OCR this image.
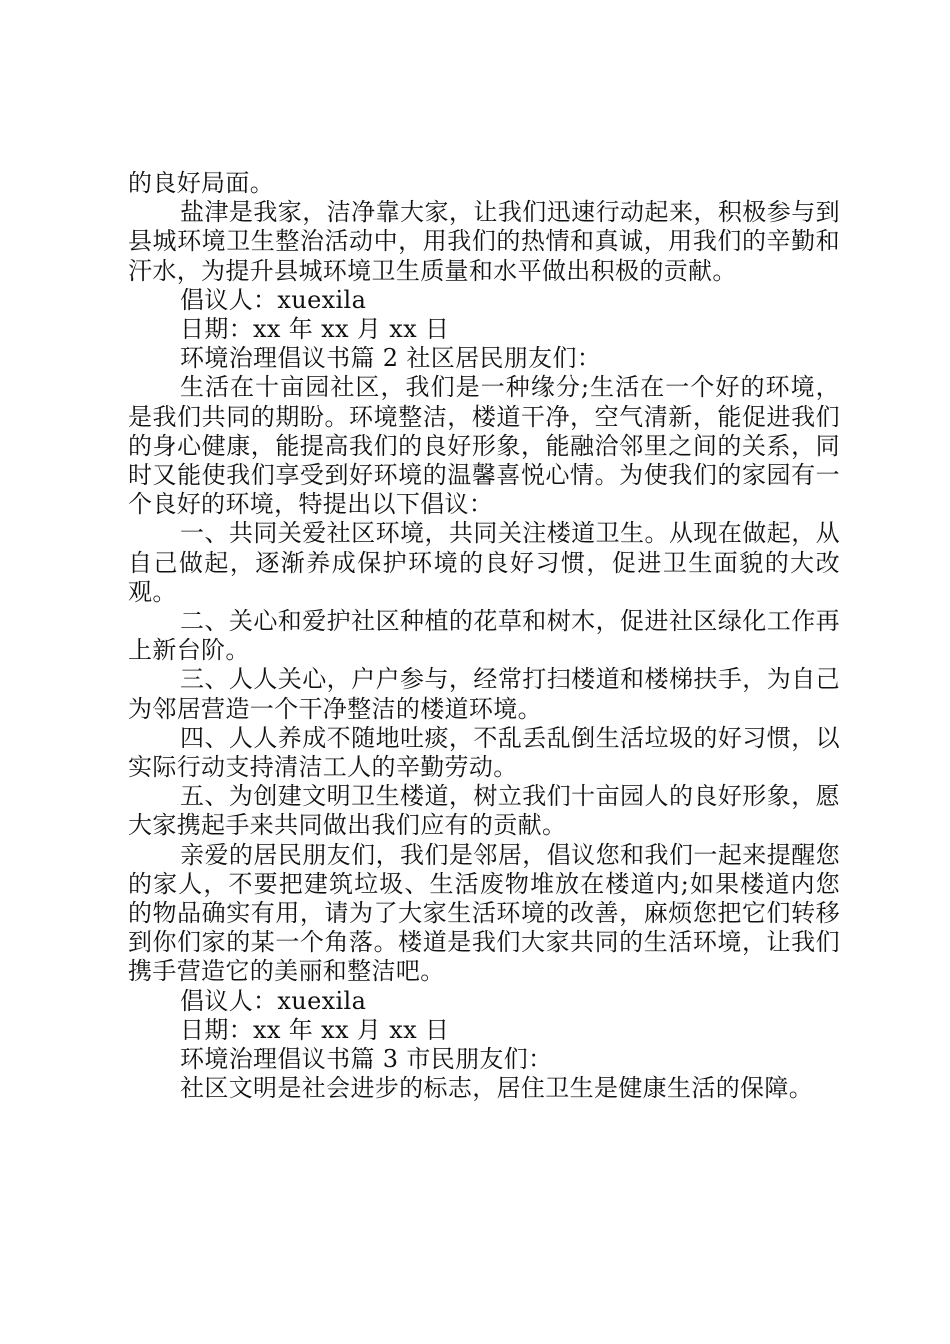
的良好局面。

盐津是我家，洁净靠大家，让我们迅速行动起来，积极参与到县城环境卫生整治活动中，用我们的热情和真诚，用我们的辛勤和汗水，为提升县城环境卫生质量和水平做出积极的贡献。

倡议人：xuexila

日期：xx 年 xx 月 xx 日

环境治理倡议书篇 2 社区居民朋友们：

生活在十亩园社区，我们是一种缘分;生活在一个好的环境，是我们共同的期盼。环境整洁，楼道干净，空气清新，能促进我们的身心健康，能提高我们的良好形象，能融洽邻里之间的关系，同时又能使我们享受到好环境的温馨喜悦心情。为使我们的家园有一个良好的环境，特提出以下倡议：

一、共同关爱社区环境，共同关注楼道卫生。从现在做起，从自己做起，逐渐养成保护环境的良好习惯，促进卫生面貌的大改观。

二、关心和爱护社区种植的花草和树木，促进社区绿化工作再上新台阶。

三、人人关心，户户参与，经常打扫楼道和楼梯扶手，为自己为邻居营造一个干净整洁的楼道环境。

四、人人养成不随地吐痰，不乱丢乱倒生活垃圾的好习惯，以实际行动支持清洁工人的辛勤劳动。

五、为创建文明卫生楼道，树立我们十亩园人的良好形象，愿大家携起手来共同做出我们应有的贡献。

亲爱的居民朋友们，我们是邻居，倡议您和我们一起来提醒您的家人，不要把建筑垃圾、生活废物堆放在楼道内;如果楼道内您的物品确实有用，请为了大家生活环境的改善，麻烦您把它们转移到你们家的某一个角落。楼道是我们大家共同的生活环境，让我们携手营造它的美丽和整洁吧。

倡议人：xuexila

日期：xx 年 xx 月 xx 日

环境治理倡议书篇 3 市民朋友们：

社区文明是社会进步的标志，居住卫生是健康生活的保障。
